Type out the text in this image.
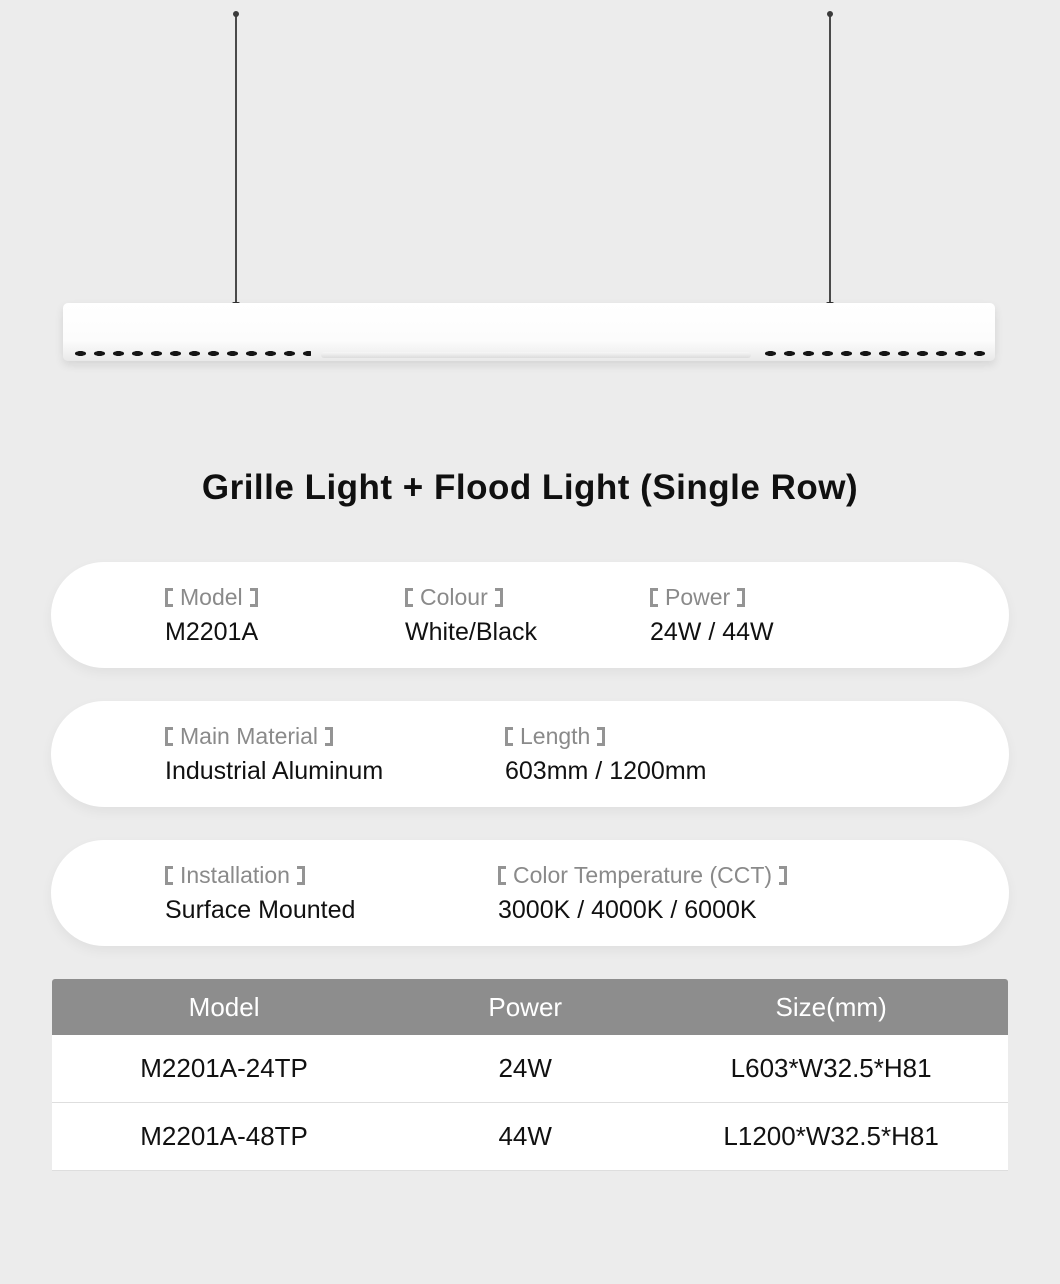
Grille Light + Flood Light (Single Row)
Model
M2201A
Colour
White/Black
Power
24W / 44W
Main Material
Industrial Aluminum
Length
603mm / 1200mm
Installation
Surface Mounted
Color Temperature (CCT)
3000K / 4000K / 6000K
Model	Power	Size(mm)
M2201A-24TP	24W	L603*W32.5*H81
M2201A-48TP	44W	L1200*W32.5*H81
